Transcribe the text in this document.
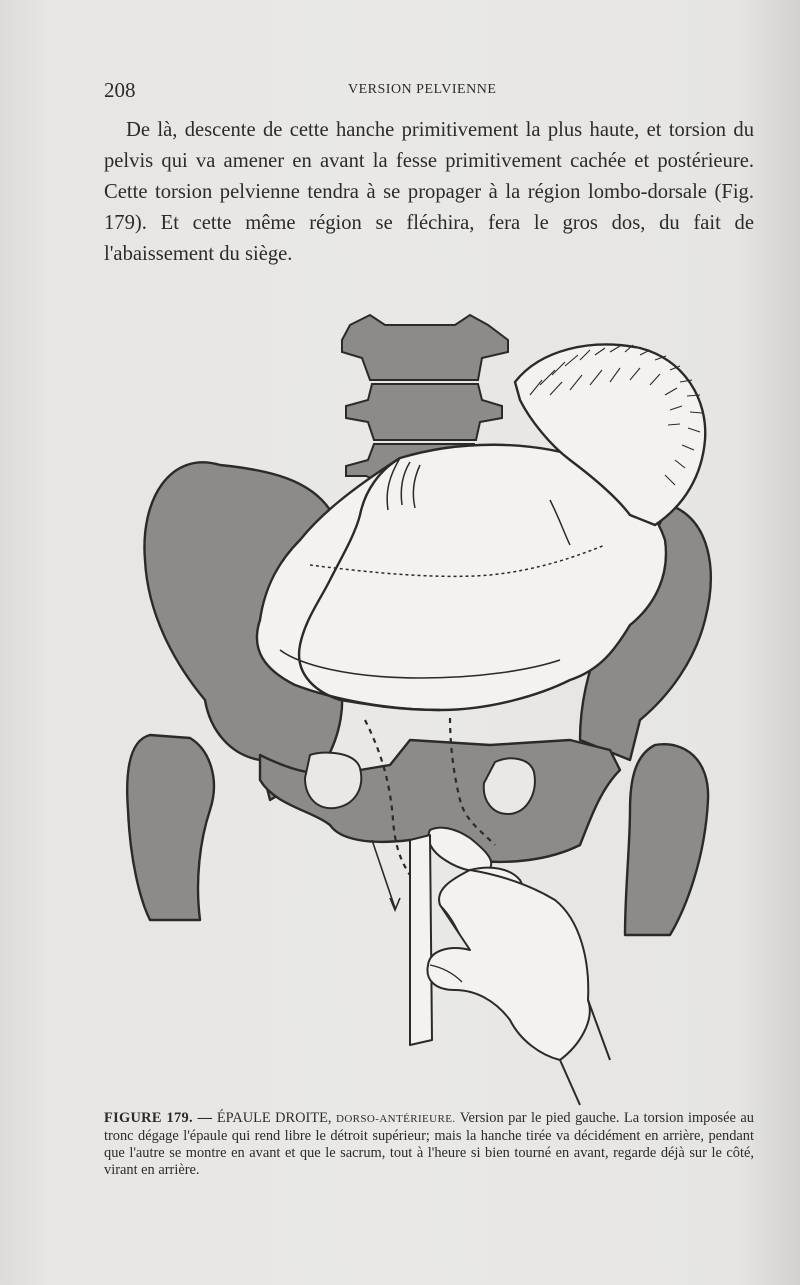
208	VERSION PELVIENNE

De là, descente de cette hanche primitivement la plus haute, et torsion du pelvis qui va amener en avant la fesse primitivement cachée et postérieure. Cette torsion pelvienne tendra à se propager à la région lombo-dorsale (Fig. 179). Et cette même région se fléchira, fera le gros dos, du fait de l'abaissement du siège.

FIGURE 179. — ÉPAULE DROITE, DORSO-ANTÉRIEURE. Version par le pied gauche. La torsion imposée au tronc dégage l'épaule qui rend libre le détroit supérieur; mais la hanche tirée va décidément en arrière, pendant que l'autre se montre en avant et que le sacrum, tout à l'heure si bien tourné en avant, regarde déjà sur le côté, virant en arrière.
